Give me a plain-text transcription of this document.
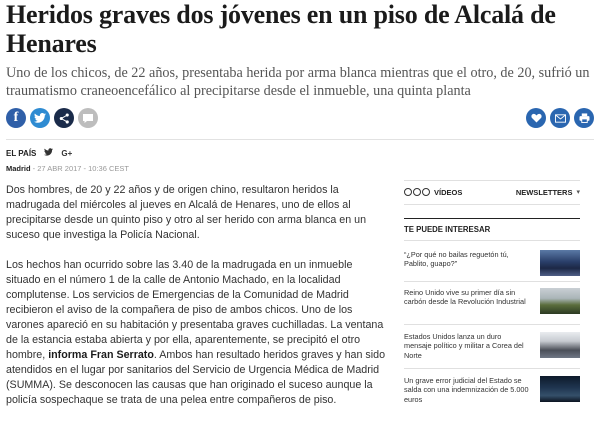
Heridos graves dos jóvenes en un piso de Alcalá de Henares

Uno de los chicos, de 22 años, presentaba herida por arma blanca mientras que el otro, de 20, sufrió un traumatismo craneoencefálico al precipitarse desde el inmueble, una quinta planta

f
EL PAÍS	G+
Madrid - 27 ABR 2017 - 10:36 CEST

Dos hombres, de 20 y 22 años y de origen chino, resultaron heridos la madrugada del miércoles al jueves en Alcalá de Henares, uno de ellos al precipitarse desde un quinto piso y otro al ser herido con arma blanca en un suceso que investiga la Policía Nacional.

Los hechos han ocurrido sobre las 3.40 de la madrugada en un inmueble situado en el número 1 de la calle de Antonio Machado, en la localidad complutense. Los servicios de Emergencias de la Comunidad de Madrid recibieron el aviso de la compañera de piso de ambos chicos. Uno de los varones apareció en su habitación y presentaba graves cuchilladas. La ventana de la estancia estaba abierta y por ella, aparentemente, se precipitó el otro hombre, informa Fran Serrato. Ambos han resultado heridos graves y han sido atendidos en el lugar por sanitarios del Servicio de Urgencia Médica de Madrid (SUMMA). Se desconocen las causas que han originado el suceso aunque la policía sospechaque se trata de una pelea entre compañeros de piso.

VÍDEOS	NEWSLETTERS ▾
TE PUEDE INTERESAR
“¿Por qué no bailas reguetón tú, Pablito, guapo?”
Reino Unido vive su primer día sin carbón desde la Revolución Industrial
Estados Unidos lanza un duro mensaje político y militar a Corea del Norte
Un grave error judicial del Estado se salda con una indemnización de 5.000 euros
